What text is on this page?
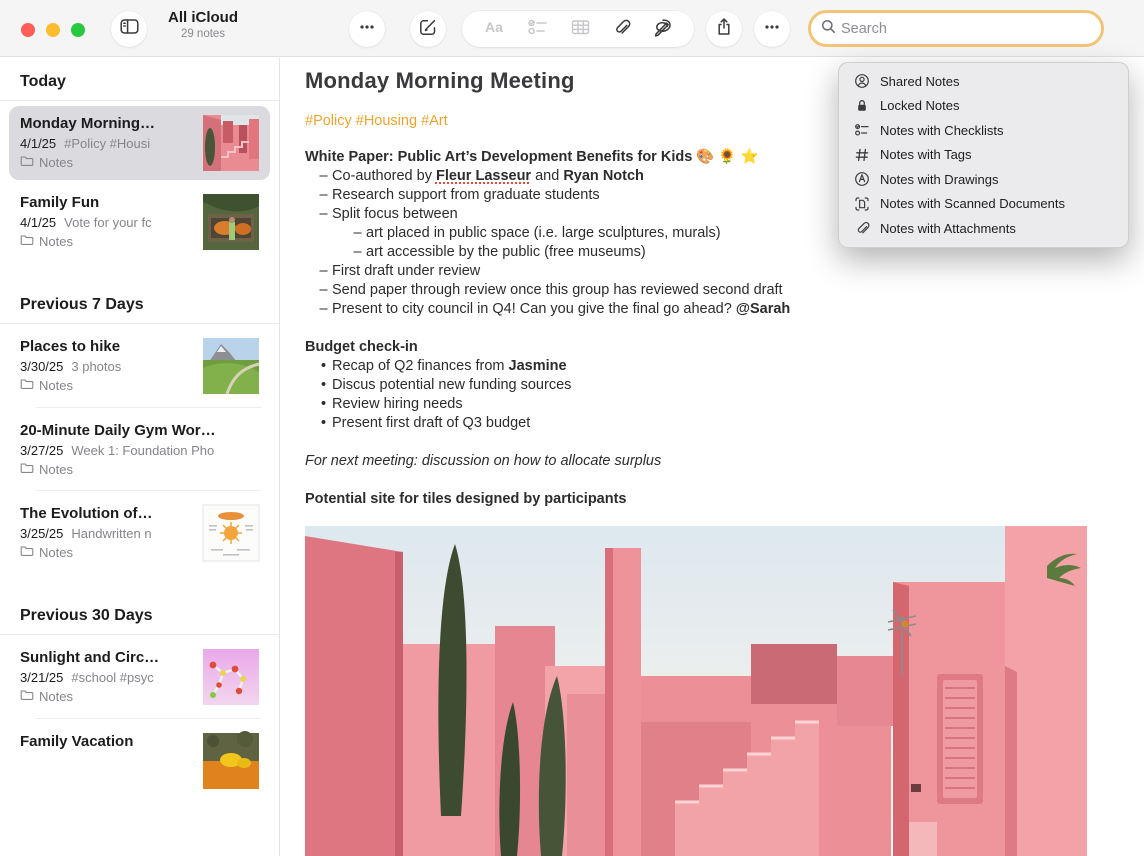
All iCloud
29 notes	Aa
Search
Shared Notes
Locked Notes
Notes with Checklists
Notes with Tags
Notes with Drawings
Notes with Scanned Documents
Notes with Attachments
Today
Monday Morning…
4/1/25 #Policy #Housi
Notes
Family Fun
4/1/25 Vote for your fc
Notes
Previous 7 Days
Places to hike
3/30/25 3 photos
Notes
20-Minute Daily Gym Wor…
3/27/25 Week 1: Foundation Pho
Notes
The Evolution of…
3/25/25 Handwritten n
Notes
Previous 30 Days
Sunlight and Circ…
3/21/25 #school #psyc
Notes
Family Vacation
Monday Morning Meeting
#Policy #Housing #Art
White Paper: Public Art’s Development Benefits for Kids 🎨 🌻 ⭐
– Co-authored by Fleur Lasseur and Ryan Notch
– Research support from graduate students
– Split focus between
– art placed in public space (i.e. large sculptures, murals)
– art accessible by the public (free museums)
– First draft under review
– Send paper through review once this group has reviewed second draft
– Present to city council in Q4! Can you give the final go ahead? @Sarah
Budget check-in
• Recap of Q2 finances from Jasmine
• Discus potential new funding sources
• Review hiring needs
• Present first draft of Q3 budget
For next meeting: discussion on how to allocate surplus
Potential site for tiles designed by participants
